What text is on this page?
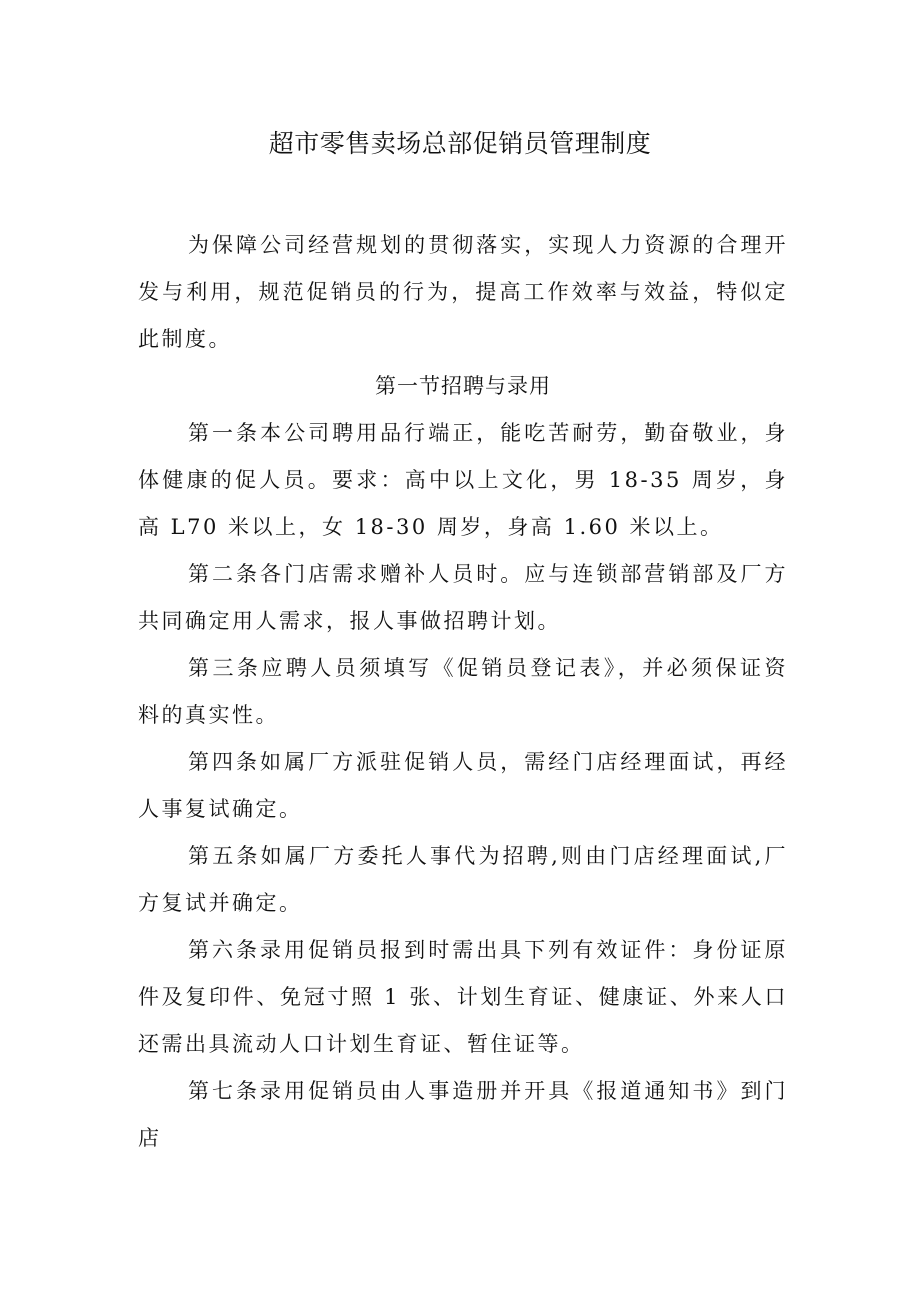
超市零售卖场总部促销员管理制度

为保障公司经营规划的贯彻落实，实现人力资源的合理开发与利用，规范促销员的行为，提高工作效率与效益，特似定此制度。

第一节招聘与录用

第一条本公司聘用品行端正，能吃苦耐劳，勤奋敬业，身体健康的促人员。要求：高中以上文化，男 18-35 周岁，身高 L70 米以上，女 18-30 周岁，身高 1.60 米以上。

第二条各门店需求赠补人员时。应与连锁部营销部及厂方共同确定用人需求，报人事做招聘计划。

第三条应聘人员须填写《促销员登记表》，并必须保证资料的真实性。

第四条如属厂方派驻促销人员，需经门店经理面试，再经人事复试确定。

第五条如属厂方委托人事代为招聘,则由门店经理面试,厂方复试并确定。

第六条录用促销员报到时需出具下列有效证件：身份证原件及复印件、免冠寸照 1 张、计划生育证、健康证、外来人口还需出具流动人口计划生育证、暂住证等。

第七条录用促销员由人事造册并开具《报道通知书》到门店
